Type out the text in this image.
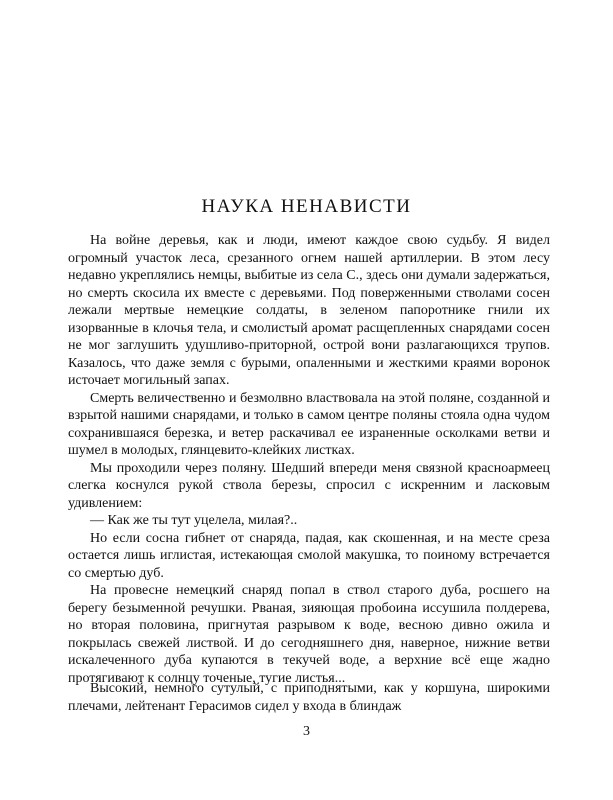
НАУКА НЕНАВИСТИ

На войне деревья, как и люди, имеют каждое свою судьбу. Я видел огромный участок леса, срезанного огнем нашей артиллерии. В этом лесу недавно укреплялись немцы, выбитые из села С., здесь они думали задержаться, но смерть скосила их вместе с деревьями. Под поверженными стволами сосен лежали мертвые немецкие солдаты, в зеленом папоротнике гнили их изорванные в клочья тела, и смолистый аромат расщепленных снарядами сосен не мог заглушить удушливо-приторной, острой вони разлагающихся трупов. Казалось, что даже земля с бурыми, опаленными и жесткими краями воронок источает могильный запах.

Смерть величественно и безмолвно властвовала на этой поляне, созданной и взрытой нашими снарядами, и только в самом центре поляны стояла одна чудом сохранившаяся березка, и ветер раскачивал ее израненные осколками ветви и шумел в молодых, глянцевито-клейких листках.

Мы проходили через поляну. Шедший впереди меня связной красноармеец слегка коснулся рукой ствола березы, спросил с искренним и ласковым удивлением:

— Как же ты тут уцелела, милая?..

Но если сосна гибнет от снаряда, падая, как скошенная, и на месте среза остается лишь иглистая, истекающая смолой макушка, то поиному встречается со смертью дуб.

На провесне немецкий снаряд попал в ствол старого дуба, росшего на берегу безыменной речушки. Рваная, зияющая пробоина иссушила полдерева, но вторая половина, пригнутая разрывом к воде, весною дивно ожила и покрылась свежей листвой. И до сегодняшнего дня, наверное, нижние ветви искалеченного дуба купаются в текучей воде, а верхние всё еще жадно протягивают к солнцу точеные, тугие листья...

Высокий, немного сутулый, с приподнятыми, как у коршуна, широкими плечами, лейтенант Герасимов сидел у входа в блиндаж

3
